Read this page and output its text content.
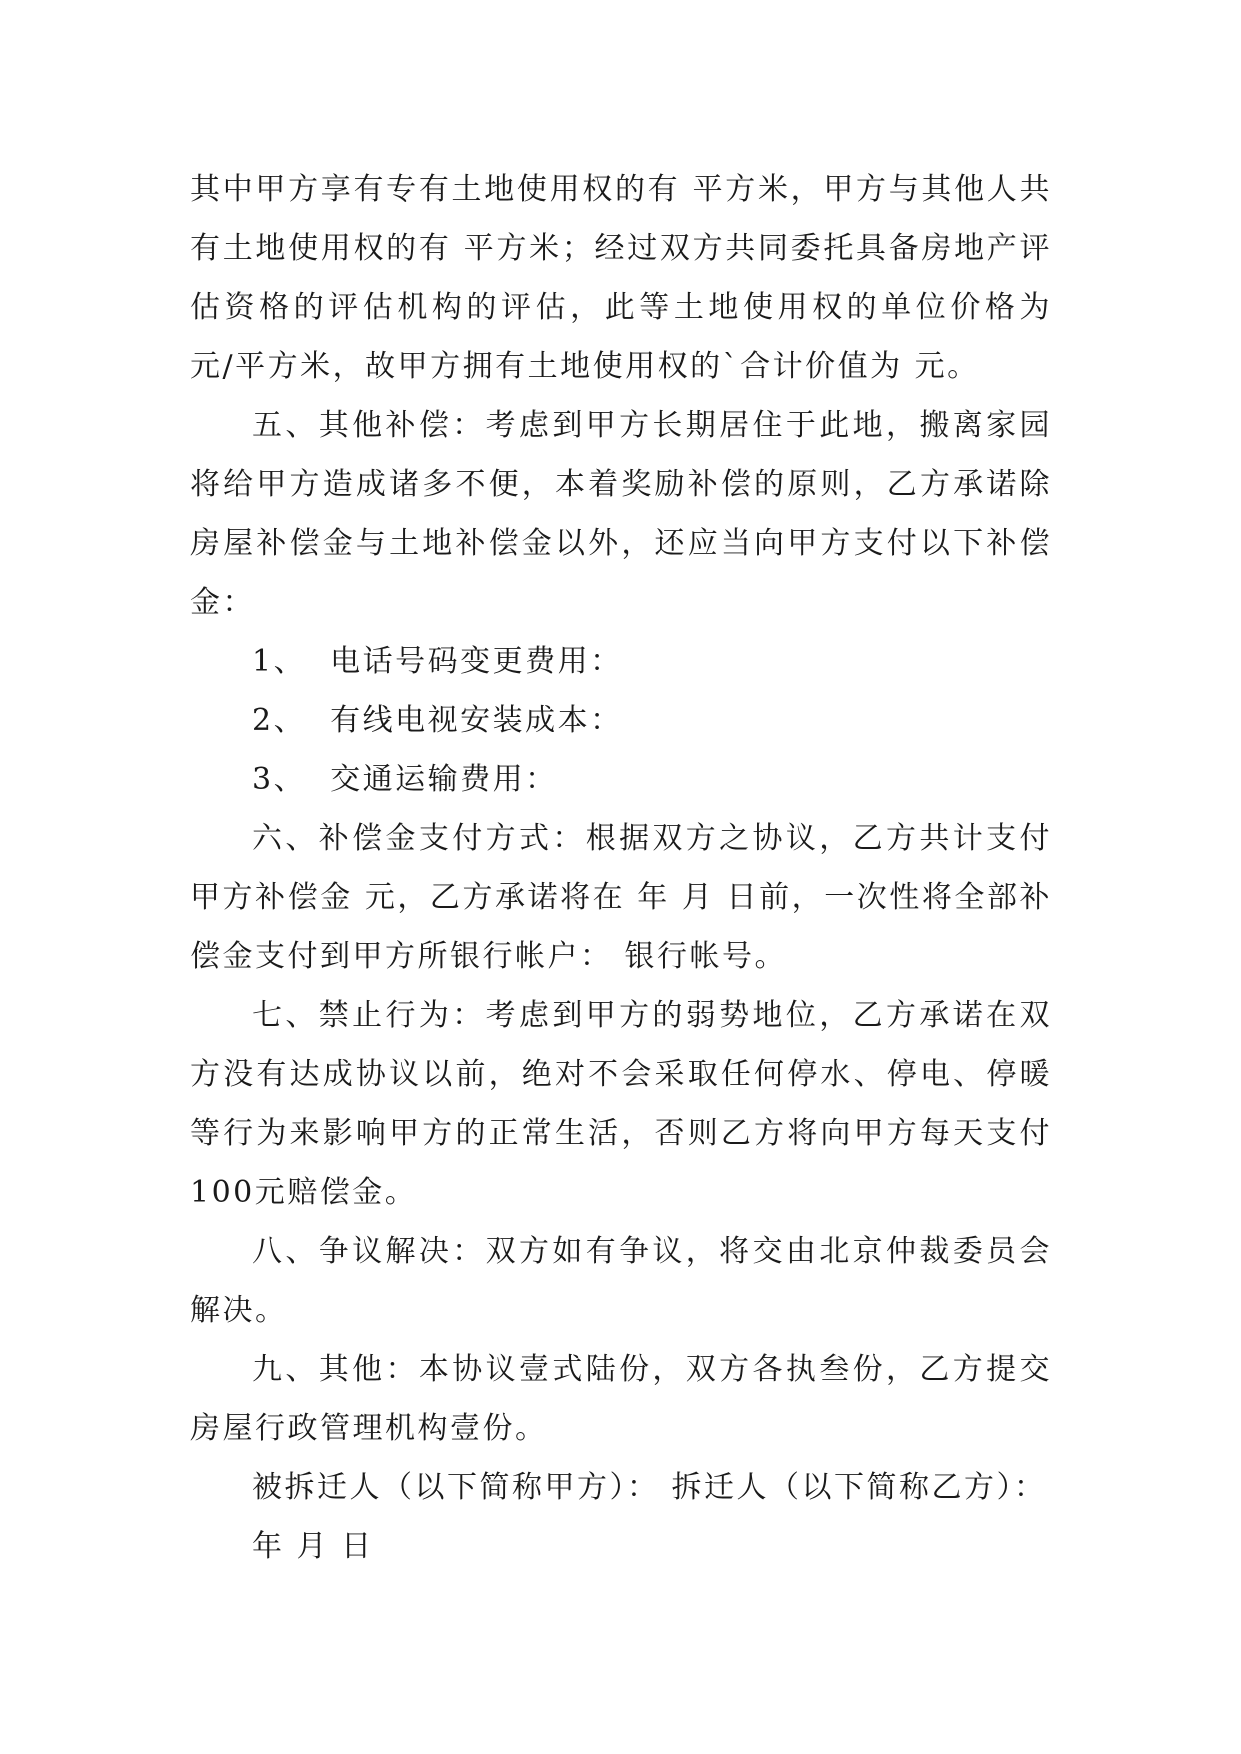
其中甲方享有专有土地使用权的有 平方米，甲方与其他人共有土地使用权的有 平方米；经过双方共同委托具备房地产评估资格的评估机构的评估，此等土地使用权的单位价格为 元/平方米，故甲方拥有土地使用权的`合计价值为 元。

五、其他补偿：考虑到甲方长期居住于此地，搬离家园将给甲方造成诸多不便，本着奖励补偿的原则，乙方承诺除房屋补偿金与土地补偿金以外，还应当向甲方支付以下补偿金：

1、  电话号码变更费用：

2、  有线电视安装成本：

3、  交通运输费用：

六、补偿金支付方式：根据双方之协议，乙方共计支付甲方补偿金 元，乙方承诺将在 年 月 日前，一次性将全部补偿金支付到甲方所银行帐户： 银行帐号。

七、禁止行为：考虑到甲方的弱势地位，乙方承诺在双方没有达成协议以前，绝对不会采取任何停水、停电、停暖等行为来影响甲方的正常生活，否则乙方将向甲方每天支付100元赔偿金。

八、争议解决：双方如有争议，将交由北京仲裁委员会解决。

九、其他：本协议壹式陆份，双方各执叁份，乙方提交房屋行政管理机构壹份。

被拆迁人（以下简称甲方）： 拆迁人（以下简称乙方）：

年 月 日
